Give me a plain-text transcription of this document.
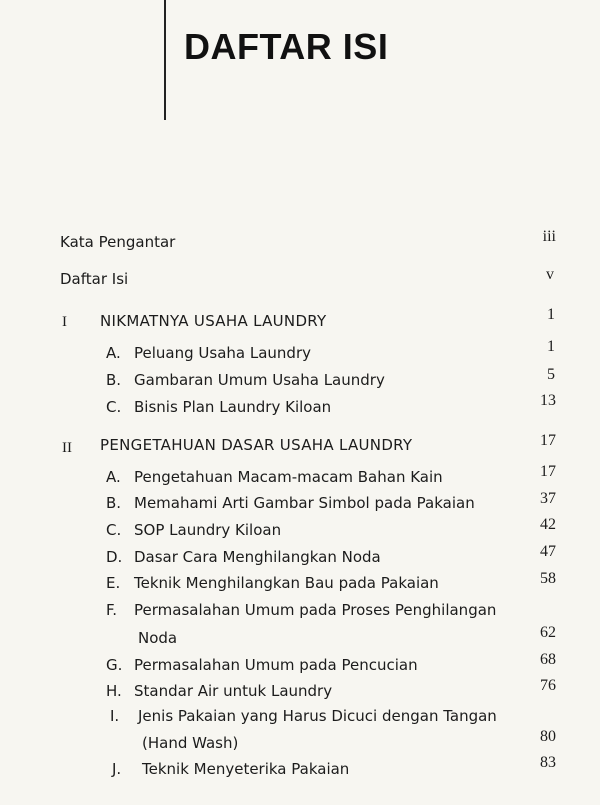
DAFTAR ISI
Kata Pengantar	iii
Daftar Isi	v
I NIKMATNYA USAHA LAUNDRY	1
A. Peluang Usaha Laundry	1
B. Gambaran Umum Usaha Laundry	5
C. Bisnis Plan Laundry Kiloan	13
II PENGETAHUAN DASAR USAHA LAUNDRY	17
A. Pengetahuan Macam-macam Bahan Kain	17
B. Memahami Arti Gambar Simbol pada Pakaian	37
C. SOP Laundry Kiloan	42
D. Dasar Cara Menghilangkan Noda	47
E. Teknik Menghilangkan Bau pada Pakaian	58
F. Permasalahan Umum pada Proses Penghilangan
Noda	62
G. Permasalahan Umum pada Pencucian	68
H. Standar Air untuk Laundry	76
I. Jenis Pakaian yang Harus Dicuci dengan Tangan
(Hand Wash)	80
J. Teknik Menyeterika Pakaian	83
